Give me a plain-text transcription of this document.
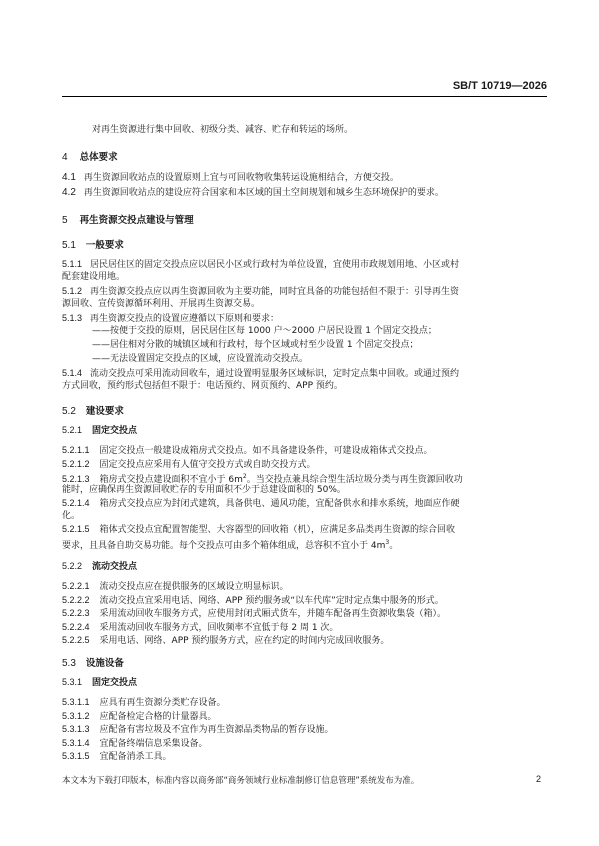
SB/T 10719—2026
对再生资源进行集中回收、初级分类、减容、贮存和转运的场所。
4 总体要求
4.1 再生资源回收站点的设置原则上宜与可回收物收集转运设施相结合，方便交投。
4.2 再生资源回收站点的建设应符合国家和本区域的国土空间规划和城乡生态环境保护的要求。
5 再生资源交投点建设与管理
5.1 一般要求
5.1.1 居民居住区的固定交投点应以居民小区或行政村为单位设置，宜使用市政规划用地、小区或村
配套建设用地。
5.1.2 再生资源交投点应以再生资源回收为主要功能，同时宜具备的功能包括但不限于：引导再生资
源回收、宣传资源循环利用、开展再生资源交易。
5.1.3 再生资源交投点的设置应遵循以下原则和要求：
——按便于交投的原则，居民居住区每 1000 户～2000 户居民设置 1 个固定交投点；
——居住相对分散的城镇区域和行政村，每个区域或村至少设置 1 个固定交投点；
——无法设置固定交投点的区域，应设置流动交投点。
5.1.4 流动交投点可采用流动回收车，通过设置明显服务区域标识，定时定点集中回收。或通过预约
方式回收，预约形式包括但不限于：电话预约、网页预约、APP 预约。
5.2 建设要求
5.2.1 固定交投点
5.2.1.1 固定交投点一般建设成箱房式交投点。如不具备建设条件，可建设成箱体式交投点。
5.2.1.2 固定交投点应采用有人值守交投方式或自助交投方式。
5.2.1.3 箱房式交投点建设面积不宜小于 $6m^2$。当交投点兼具综合型生活垃圾分类与再生资源回收功
能时，应确保再生资源回收贮存的专用面积不少于总建设面积的 50%。
5.2.1.4 箱房式交投点应为封闭式建筑，具备供电、通风功能，宜配备供水和排水系统，地面应作硬
化。
5.2.1.5 箱体式交投点宜配置智能型、大容器型的回收箱（机），应满足多品类再生资源的综合回收
要求，且具备自助交易功能。每个交投点可由多个箱体组成，总容积不宜小于 $4m^3$。
5.2.2 流动交投点
5.2.2.1 流动交投点应在提供服务的区域设立明显标识。
5.2.2.2 流动交投点宜采用电话、网络、APP 预约服务或“以车代库”定时定点集中服务的形式。
5.2.2.3 采用流动回收车服务方式，应使用封闭式厢式货车，并随车配备再生资源收集袋（箱）。
5.2.2.4 采用流动回收车服务方式，回收频率不宜低于每 2 周 1 次。
5.2.2.5 采用电话、网络、APP 预约服务方式，应在约定的时间内完成回收服务。
5.3 设施设备
5.3.1 固定交投点
5.3.1.1 应具有再生资源分类贮存设备。
5.3.1.2 应配备检定合格的计量器具。
5.3.1.3 应配备有害垃圾及不宜作为再生资源品类物品的暂存设施。
5.3.1.4 宜配备终端信息采集设备。
5.3.1.5 宜配备消杀工具。
本文本为下载打印版本，标准内容以商务部“商务领域行业标准制修订信息管理”系统发布为准。	2
